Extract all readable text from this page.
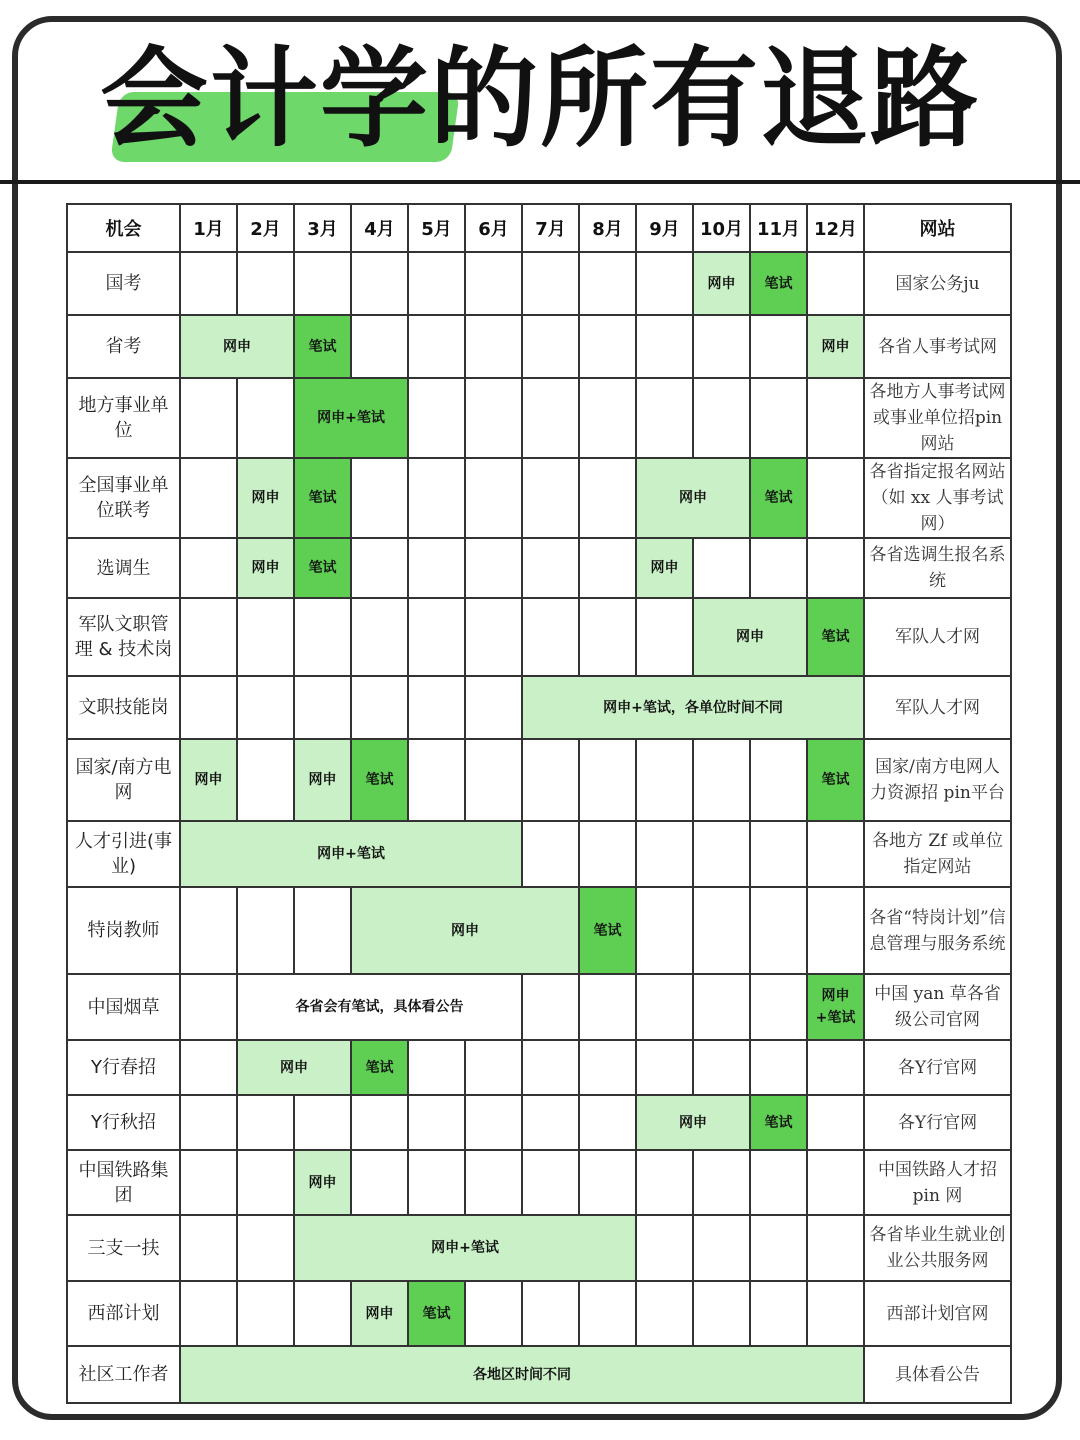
会计学的所有退路
机会	1月	2月	3月	4月	5月	6月	7月	8月	9月	10月	11月	12月	网站
国考										网申	笔试		国家公务ju
省考	网申		笔试									网申	各省人事考试网
地方事业单位			网申+笔试										各地方人事考试网或事业单位招pin网站
全国事业单位联考		网申	笔试						网申		笔试		各省指定报名网站（如 xx 人事考试网）
选调生		网申	笔试						网申				各省选调生报名系统
军队文职管理 & 技术岗										网申		笔试	军队人才网
文职技能岗							网申+笔试，各单位时间不同						军队人才网
国家/南方电网	网申		网申	笔试								笔试	国家/南方电网人力资源招 pin平台
人才引进(事业)	网申+笔试												各地方 Zf 或单位指定网站
特岗教师				网申				笔试					各省“特岗计划”信息管理与服务系统
中国烟草		各省会有笔试，具体看公告										网申+笔试	中国 yan 草各省级公司官网
Y行春招		网申		笔试									各Y行官网
Y行秋招									网申		笔试		各Y行官网
中国铁路集团			网申										中国铁路人才招pin 网
三支一扶			网申+笔试										各省毕业生就业创业公共服务网
西部计划				网申	笔试								西部计划官网
社区工作者	各地区时间不同												具体看公告
